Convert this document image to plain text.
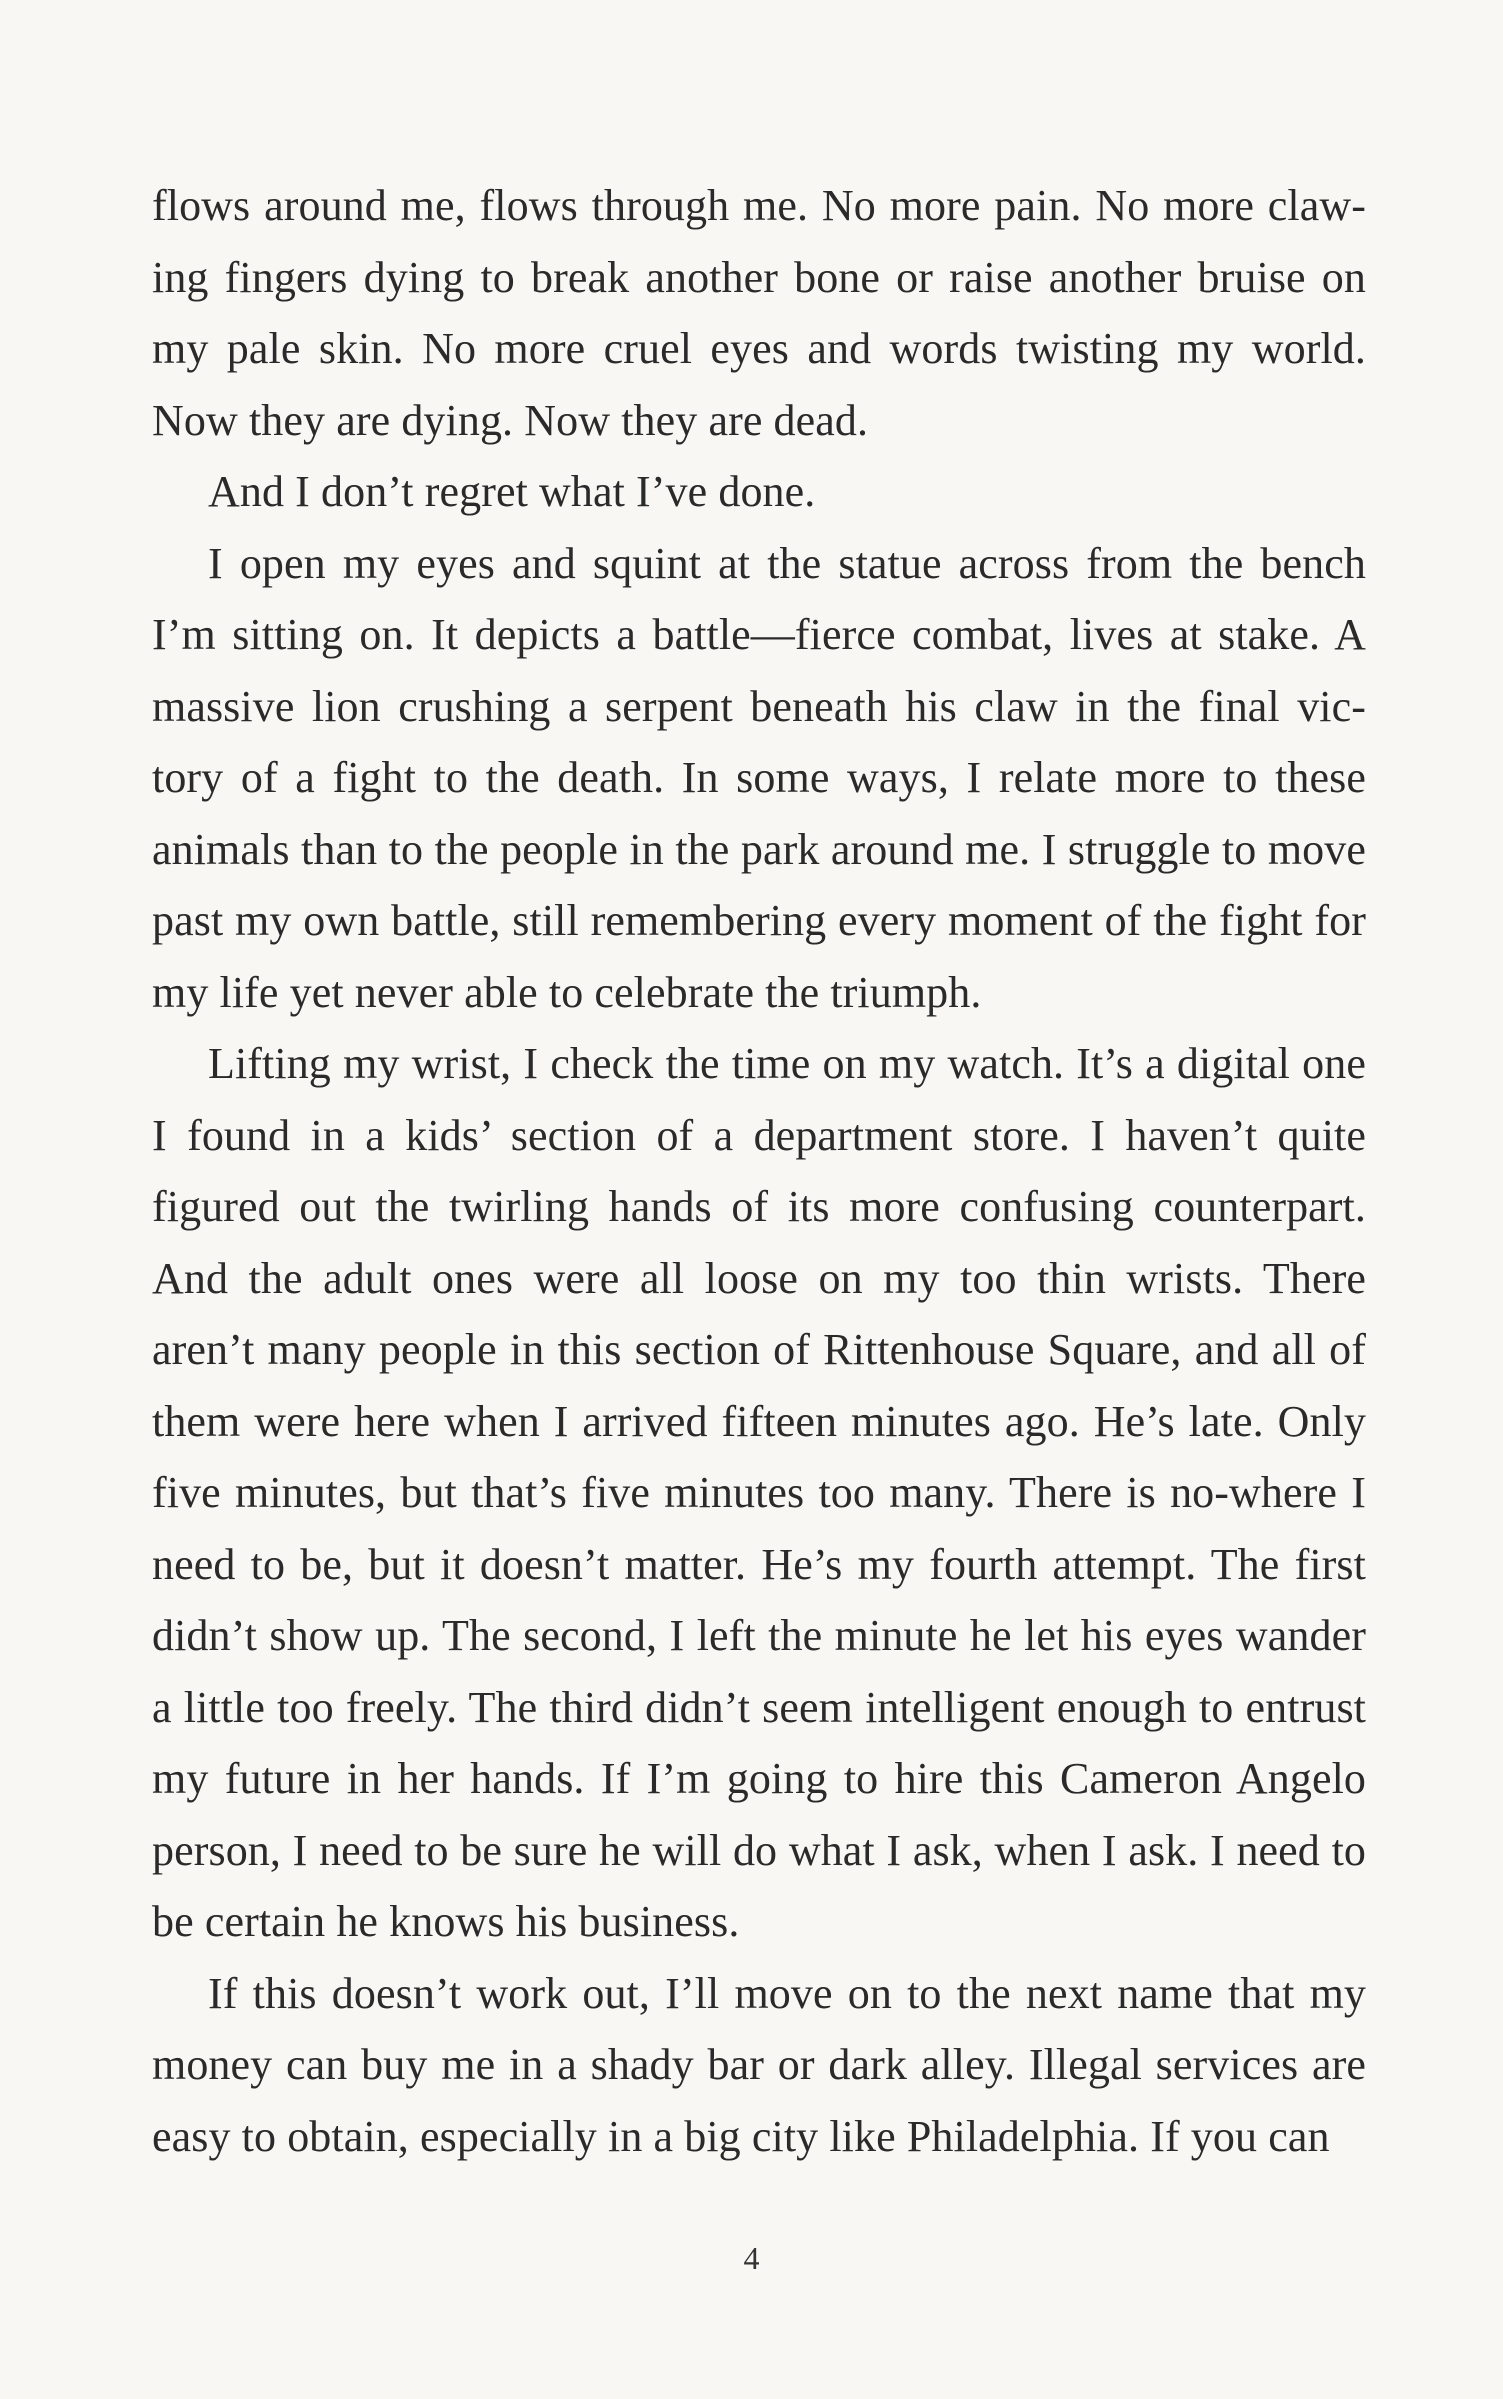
flows around me, flows through me. No more pain. No more claw-ing fingers dying to break another bone or raise another bruise on my pale skin. No more cruel eyes and words twisting my world. Now they are dying. Now they are dead.

And I don’t regret what I’ve done.

I open my eyes and squint at the statue across from the bench I’m sitting on. It depicts a battle—fierce combat, lives at stake. A massive lion crushing a serpent beneath his claw in the final vic-tory of a fight to the death. In some ways, I relate more to these animals than to the people in the park around me. I struggle to move past my own battle, still remembering every moment of the fight for my life yet never able to celebrate the triumph.

Lifting my wrist, I check the time on my watch. It’s a digital one I found in a kids’ section of a department store. I haven’t quite figured out the twirling hands of its more confusing counterpart. And the adult ones were all loose on my too thin wrists. There aren’t many people in this section of Rittenhouse Square, and all of them were here when I arrived fifteen minutes ago. He’s late. Only five minutes, but that’s five minutes too many. There is no-where I need to be, but it doesn’t matter. He’s my fourth attempt. The first didn’t show up. The second, I left the minute he let his eyes wander a little too freely. The third didn’t seem intelligent enough to entrust my future in her hands. If I’m going to hire this Cameron Angelo person, I need to be sure he will do what I ask, when I ask. I need to be certain he knows his business.

If this doesn’t work out, I’ll move on to the next name that my money can buy me in a shady bar or dark alley. Illegal services are easy to obtain, especially in a big city like Philadelphia. If you can

4
